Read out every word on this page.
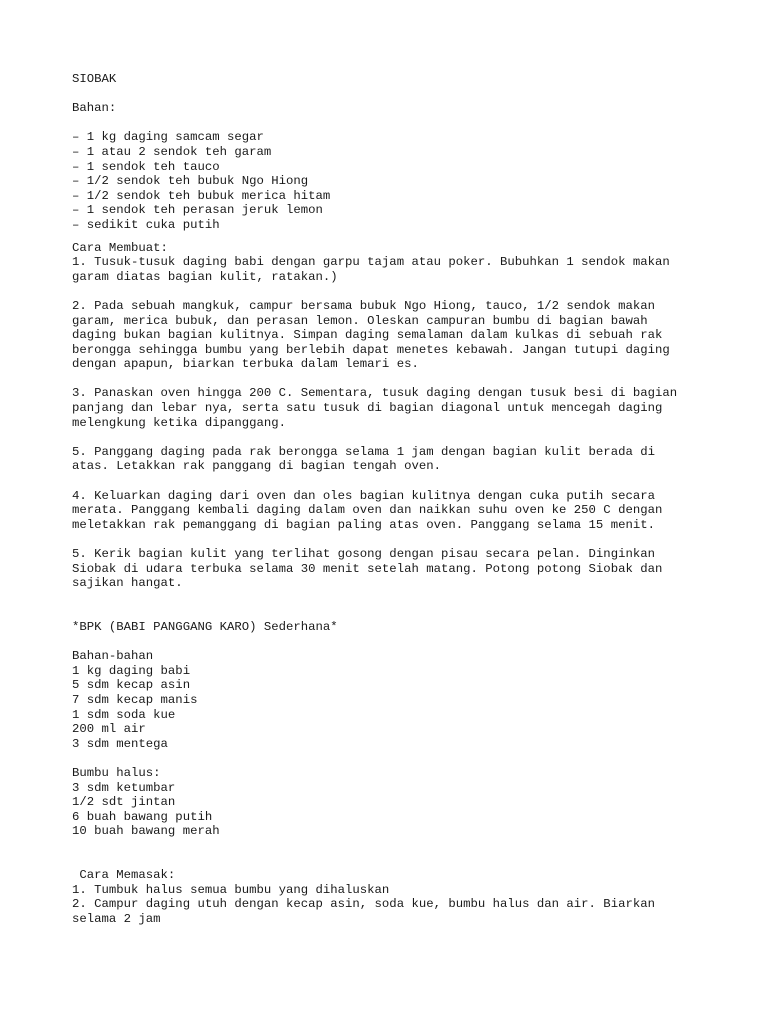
SIOBAK
Bahan:
– 1 kg daging samcam segar
– 1 atau 2 sendok teh garam
– 1 sendok teh tauco
– 1/2 sendok teh bubuk Ngo Hiong
– 1/2 sendok teh bubuk merica hitam
– 1 sendok teh perasan jeruk lemon
– sedikit cuka putih
Cara Membuat:
1. Tusuk-tusuk daging babi dengan garpu tajam atau poker. Bubuhkan 1 sendok makan
garam diatas bagian kulit, ratakan.)
2. Pada sebuah mangkuk, campur bersama bubuk Ngo Hiong, tauco, 1/2 sendok makan
garam, merica bubuk, dan perasan lemon. Oleskan campuran bumbu di bagian bawah
daging bukan bagian kulitnya. Simpan daging semalaman dalam kulkas di sebuah rak
berongga sehingga bumbu yang berlebih dapat menetes kebawah. Jangan tutupi daging
dengan apapun, biarkan terbuka dalam lemari es.
3. Panaskan oven hingga 200 C. Sementara, tusuk daging dengan tusuk besi di bagian
panjang dan lebar nya, serta satu tusuk di bagian diagonal untuk mencegah daging
melengkung ketika dipanggang.
5. Panggang daging pada rak berongga selama 1 jam dengan bagian kulit berada di
atas. Letakkan rak panggang di bagian tengah oven.
4. Keluarkan daging dari oven dan oles bagian kulitnya dengan cuka putih secara
merata. Panggang kembali daging dalam oven dan naikkan suhu oven ke 250 C dengan
meletakkan rak pemanggang di bagian paling atas oven. Panggang selama 15 menit.
5. Kerik bagian kulit yang terlihat gosong dengan pisau secara pelan. Dinginkan
Siobak di udara terbuka selama 30 menit setelah matang. Potong potong Siobak dan
sajikan hangat.
*BPK (BABI PANGGANG KARO) Sederhana*
Bahan-bahan
1 kg daging babi
5 sdm kecap asin
7 sdm kecap manis
1 sdm soda kue
200 ml air
3 sdm mentega
Bumbu halus:
3 sdm ketumbar
1/2 sdt jintan
6 buah bawang putih
10 buah bawang merah
Cara Memasak:
1. Tumbuk halus semua bumbu yang dihaluskan
2. Campur daging utuh dengan kecap asin, soda kue, bumbu halus dan air. Biarkan
selama 2 jam
